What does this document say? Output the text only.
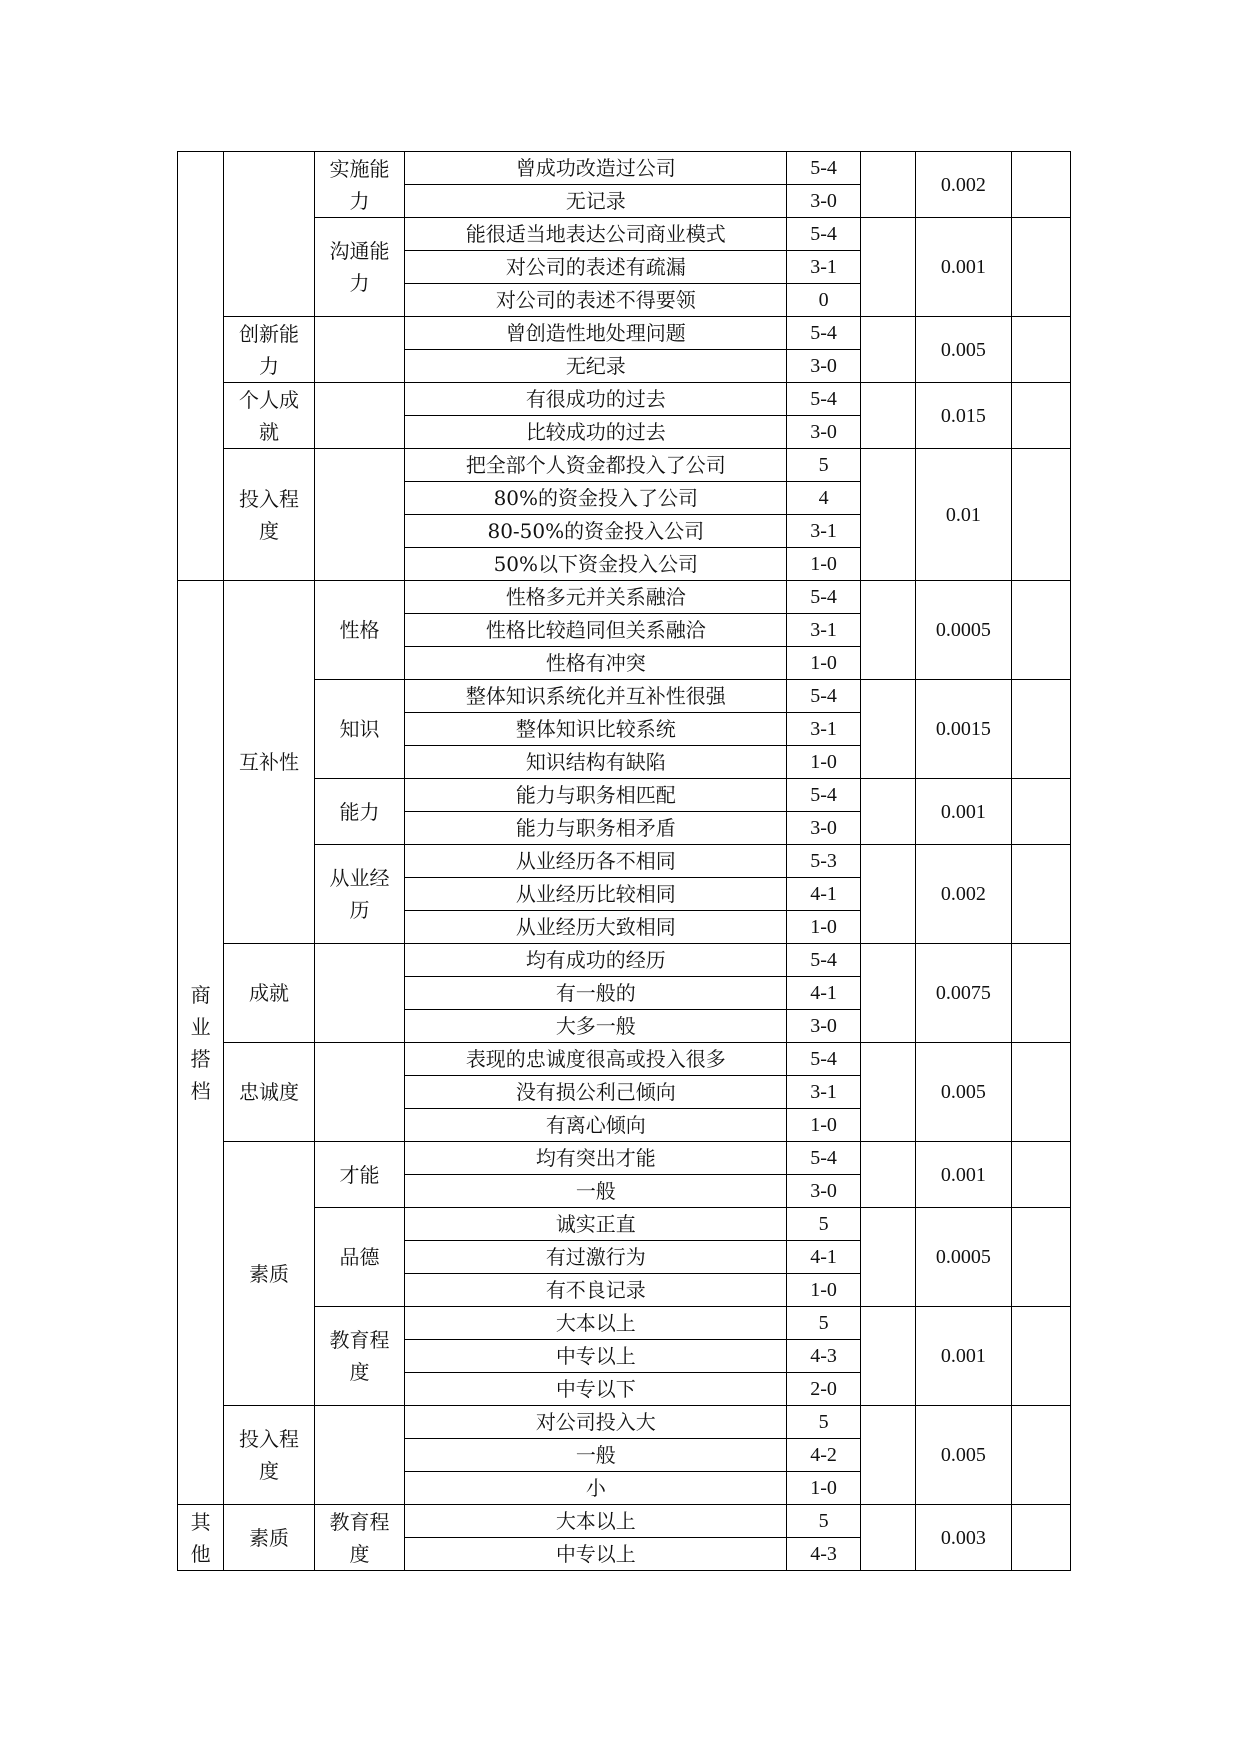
		实施能力	曾成功改造过公司	5-4		0.002	
			无记录	3-0			
		沟通能力	能很适当地表达公司商业模式	5-4		0.001	
			对公司的表述有疏漏	3-1			
			对公司的表述不得要领	0			
	创新能力		曾创造性地处理问题	5-4		0.005	
			无纪录	3-0			
	个人成就		有很成功的过去	5-4		0.015	
			比较成功的过去	3-0			
	投入程度		把全部个人资金都投入了公司	5		0.01	
			80%的资金投入了公司	4			
			80-50%的资金投入公司	3-1			
			50%以下资金投入公司	1-0			
商业搭档	互补性	性格	性格多元并关系融洽	5-4		0.0005	
			性格比较趋同但关系融洽	3-1			
			性格有冲突	1-0			
		知识	整体知识系统化并互补性很强	5-4		0.0015	
			整体知识比较系统	3-1			
			知识结构有缺陷	1-0			
		能力	能力与职务相匹配	5-4		0.001	
			能力与职务相矛盾	3-0			
		从业经历	从业经历各不相同	5-3		0.002	
			从业经历比较相同	4-1			
			从业经历大致相同	1-0			
	成就		均有成功的经历	5-4		0.0075	
			有一般的	4-1			
			大多一般	3-0			
	忠诚度		表现的忠诚度很高或投入很多	5-4		0.005	
			没有损公利己倾向	3-1			
			有离心倾向	1-0			
	素质	才能	均有突出才能	5-4		0.001	
			一般	3-0			
		品德	诚实正直	5		0.0005	
			有过激行为	4-1			
			有不良记录	1-0			
		教育程度	大本以上	5		0.001	
			中专以上	4-3			
			中专以下	2-0			
	投入程度		对公司投入大	5		0.005	
			一般	4-2			
			小	1-0			
其他	素质	教育程度	大本以上	5		0.003	
			中专以上	4-3			
